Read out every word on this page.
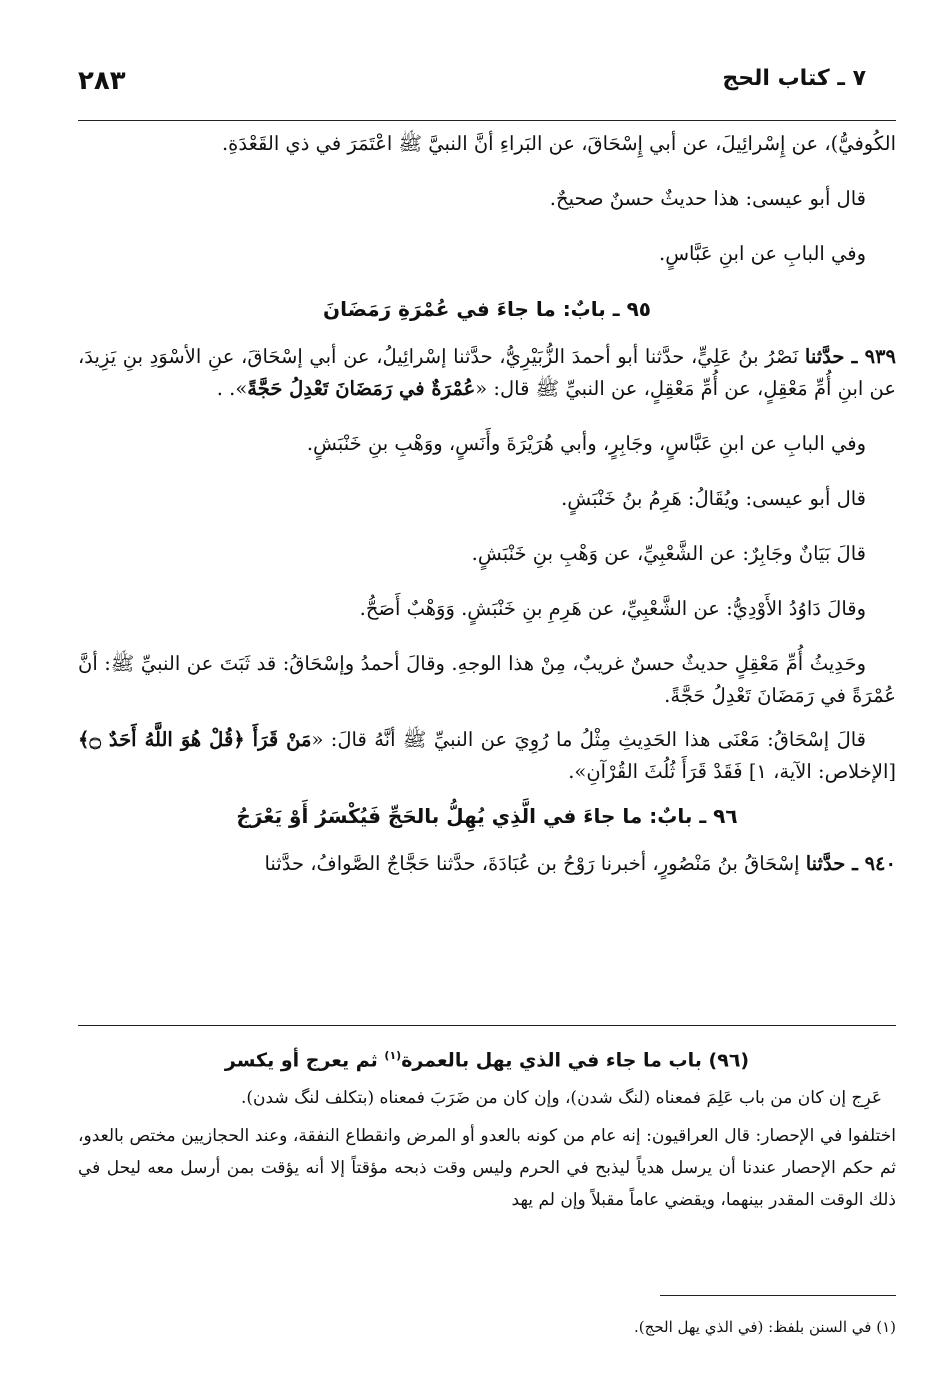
٢٨٣	٧ ـ كتاب الحج

الكُوفيُّ)، عن إِسْرائِيلَ، عن أبي إِسْحَاقَ، عن البَراءِ أنَّ النبيَّ ﷺ اعْتَمَرَ في ذي القَعْدَةِ.

قال أبو عيسى: هذا حديثٌ حسنٌ صحيحٌ.

وفي البابِ عن ابنِ عَبَّاسٍ.

٩٥ ـ بابٌ: ما جاءَ في عُمْرَةِ رَمَضَانَ

٩٣٩ ـ حدَّثنا نَصْرُ بنُ عَلِيٍّ، حدَّثنا أبو أحمدَ الزُّبَيْرِيُّ، حدَّثنا إسْرائِيلُ، عن أبي إسْحَاقَ، عنِ الأسْوَدِ بنِ يَزِيدَ، عن ابنِ أُمِّ مَعْقِلٍ، عن أُمِّ مَعْقِلٍ، عن النبيِّ ﷺ قال: «عُمْرَةٌ في رَمَضَانَ تَعْدِلُ حَجَّةً». .

وفي البابِ عن ابنِ عَبَّاسٍ، وجَابِرٍ، وأبي هُرَيْرَةَ وأَنَسٍ، ووَهْبِ بنِ خَنْبَشٍ.

قال أبو عيسى: ويُقَالُ: هَرِمُ بنُ خَنْبَشٍ.

قالَ بَيَانٌ وجَابِرٌ: عن الشَّعْبِيِّ، عن وَهْبِ بنِ خَنْبَشٍ.

وقالَ دَاوُدُ الأَوْدِيُّ: عن الشَّعْبِيِّ، عن هَرِمِ بنِ خَنْبَشٍ. وَوَهْبٌ أَصَحُّ.

وحَدِيثُ أُمِّ مَعْقِلٍ حديثٌ حسنٌ غريبٌ، مِنْ هذا الوجهِ. وقالَ أحمدُ وإسْحَاقُ: قد ثَبَتَ عن النبيِّ ﷺ: أنَّ عُمْرَةً في رَمَضَانَ تَعْدِلُ حَجَّةً.

قالَ إسْحَاقُ: مَعْنَى هذا الحَدِيثِ مِثْلُ ما رُوِيَ عن النبيِّ ﷺ أنَّهُ قالَ: «مَنْ قَرَأَ ﴿قُلْ هُوَ اللَّهُ أَحَدٌ ۝﴾ [الإخلاص: الآية، ١] فَقَدْ قَرَأَ ثُلُثَ القُرْآنِ».

٩٦ ـ بابٌ: ما جاءَ في الَّذِي يُهِلُّ بالحَجِّ فَيُكْسَرُ أَوْ يَعْرَجُ

٩٤٠ ـ حدَّثنا إسْحَاقُ بنُ مَنْصُورٍ، أخبرنا رَوْحُ بن عُبَادَةَ، حدَّثنا حَجَّاجٌ الصَّوافُ، حدَّثنا

(٩٦) باب ما جاء في الذي يهل بالعمرة$^{(١)}$ ثم يعرج أو يكسر

عَرِج إن كان من باب عَلِمَ فمعناه (لنگ شدن)، وإن كان من ضَرَبَ فمعناه (بتكلف لنگ شدن).

اختلفوا في الإحصار: قال العراقيون: إنه عام من كونه بالعدو أو المرض وانقطاع النفقة، وعند الحجازيين مختص بالعدو، ثم حكم الإحصار عندنا أن يرسل هدياً ليذبح في الحرم وليس وقت ذبحه مؤقتاً إلا أنه يؤقت بمن أرسل معه ليحل في ذلك الوقت المقدر بينهما، ويقضي عاماً مقبلاً وإن لم يهد

(١) في السنن بلفظ: (في الذي يهل الحج).
